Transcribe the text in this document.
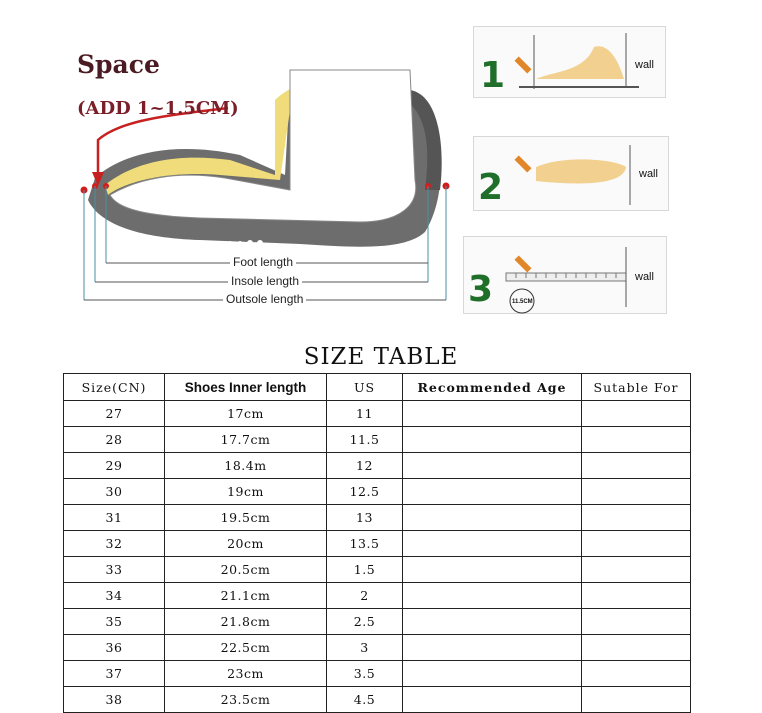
Space
(ADD 1~1.5CM)
Foot length
Insole length
Outsole length
1	wall
2	wall
3	wall
11.5CM
SIZE TABLE
Size(CN)	Shoes Inner length	US	Recommended Age	Sutable For
27	17cm	11		
28	17.7cm	11.5		
29	18.4m	12		
30	19cm	12.5		
31	19.5cm	13		
32	20cm	13.5		
33	20.5cm	1.5		
34	21.1cm	2		
35	21.8cm	2.5		
36	22.5cm	3		
37	23cm	3.5		
38	23.5cm	4.5		
